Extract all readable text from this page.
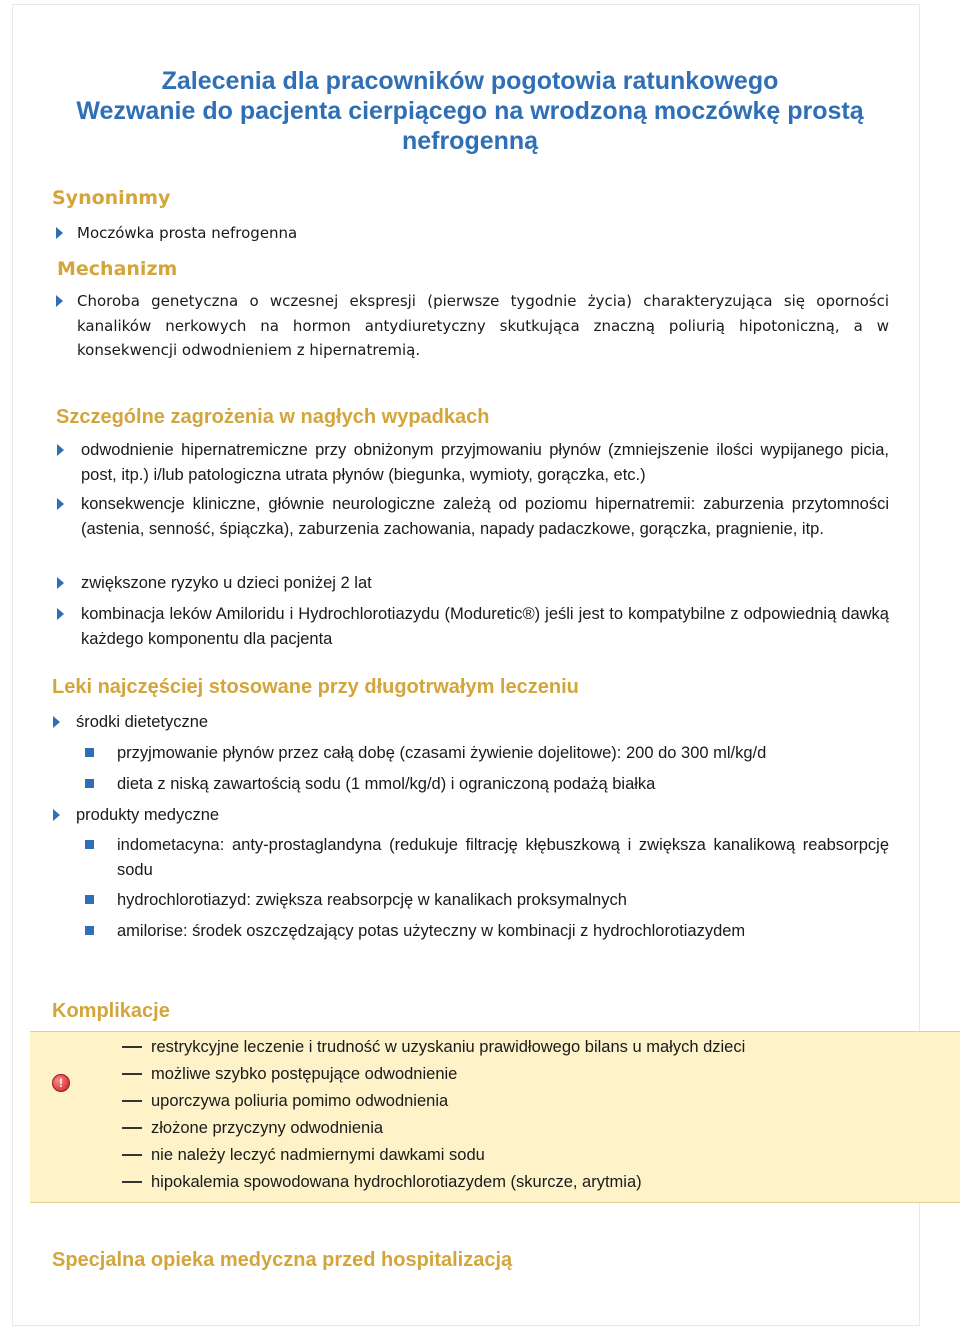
Zalecenia dla pracowników pogotowia ratunkowego
Wezwanie do pacjenta cierpiącego na wrodzoną moczówkę prostą
nefrogenną
Synoninmy
Moczówka prosta nefrogenna
Mechanizm
Choroba genetyczna o wczesnej ekspresji (pierwsze tygodnie życia) charakteryzująca się oporności kanalików nerkowych na hormon antydiuretyczny skutkująca znaczną poliurią hipotoniczną, a w konsekwencji odwodnieniem z hipernatremią.
Szczególne zagrożenia w nagłych wypadkach
odwodnienie hipernatremiczne przy obniżonym przyjmowaniu płynów (zmniejszenie ilości wypijanego picia, post, itp.) i/lub patologiczna utrata płynów (biegunka, wymioty, gorączka, etc.)
konsekwencje kliniczne, głównie neurologiczne zależą od poziomu hipernatremii: zaburzenia przytomności (astenia, senność, śpiączka), zaburzenia zachowania, napady padaczkowe, gorączka, pragnienie, itp.
zwiększone ryzyko u dzieci poniżej 2 lat
kombinacja leków Amiloridu i Hydrochlorotiazydu (Moduretic®) jeśli jest to kompatybilne z odpowiednią dawką każdego komponentu dla pacjenta
Leki najczęściej stosowane przy długotrwałym leczeniu
środki dietetyczne
przyjmowanie płynów przez całą dobę (czasami żywienie dojelitowe): 200 do 300 ml/kg/d
dieta z niską zawartością sodu (1 mmol/kg/d) i ograniczoną podażą białka
produkty medyczne
indometacyna: anty-prostaglandyna (redukuje filtrację kłębuszkową i zwiększa kanalikową reabsorpcję sodu
hydrochlorotiazyd: zwiększa reabsorpcję w kanalikach proksymalnych
amilorise: środek oszczędzający potas użyteczny w kombinacji z hydrochlorotiazydem
Komplikacje
!
restrykcyjne leczenie i trudność w uzyskaniu prawidłowego bilans u małych dzieci
możliwe szybko postępujące odwodnienie
uporczywa poliuria pomimo odwodnienia
złożone przyczyny odwodnienia
nie należy leczyć nadmiernymi dawkami sodu
hipokalemia spowodowana hydrochlorotiazydem (skurcze, arytmia)
Specjalna opieka medyczna przed hospitalizacją
